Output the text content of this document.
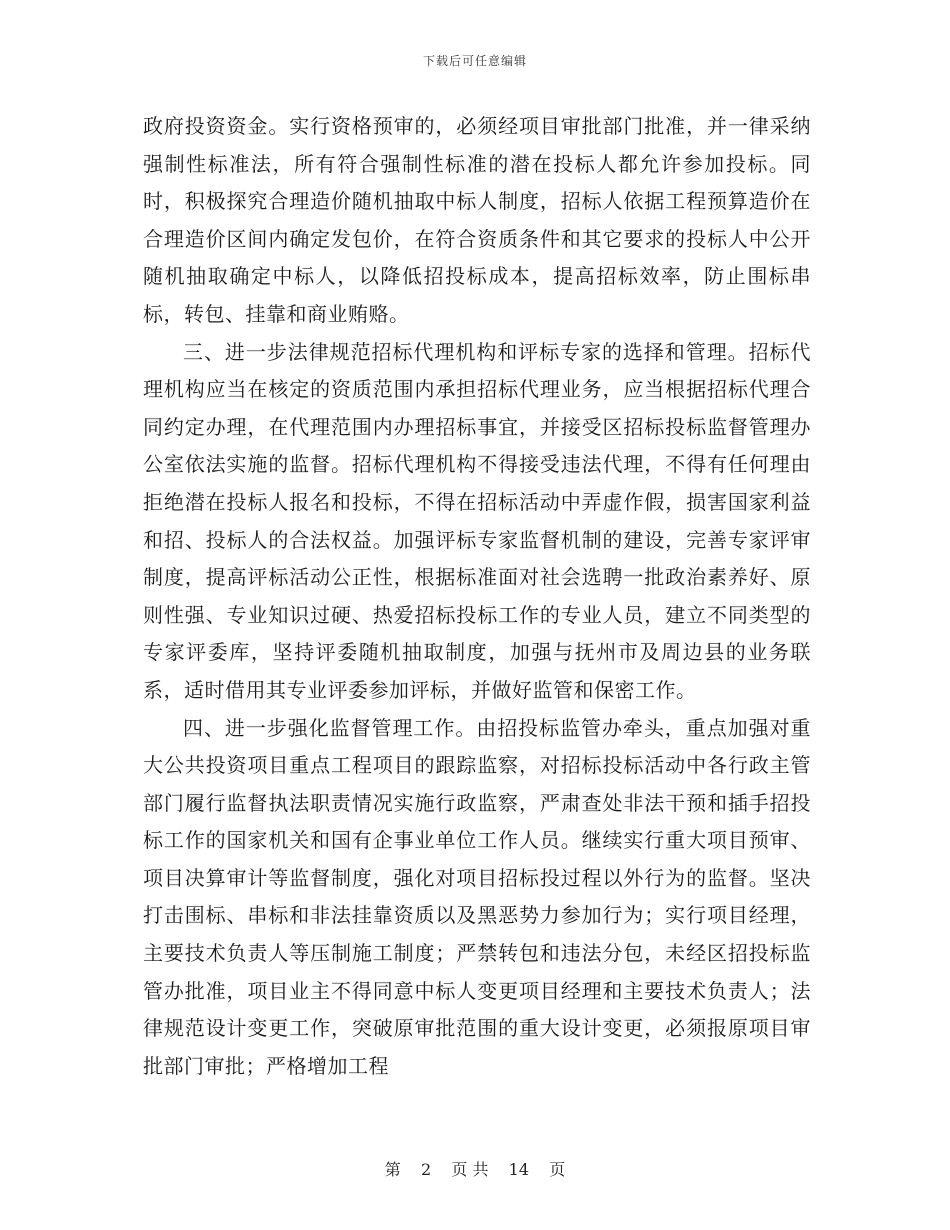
下载后可任意编辑

政府投资资金。实行资格预审的，必须经项目审批部门批准，并一律采纳强制性标准法，所有符合强制性标准的潜在投标人都允许参加投标。同时，积极探究合理造价随机抽取中标人制度，招标人依据工程预算造价在合理造价区间内确定发包价，在符合资质条件和其它要求的投标人中公开随机抽取确定中标人，以降低招投标成本，提高招标效率，防止围标串标，转包、挂靠和商业贿赂。

三、进一步法律规范招标代理机构和评标专家的选择和管理。招标代理机构应当在核定的资质范围内承担招标代理业务，应当根据招标代理合同约定办理，在代理范围内办理招标事宜，并接受区招标投标监督管理办公室依法实施的监督。招标代理机构不得接受违法代理，不得有任何理由拒绝潜在投标人报名和投标，不得在招标活动中弄虚作假，损害国家利益和招、投标人的合法权益。加强评标专家监督机制的建设，完善专家评审制度，提高评标活动公正性，根据标准面对社会选聘一批政治素养好、原则性强、专业知识过硬、热爱招标投标工作的专业人员，建立不同类型的专家评委库，坚持评委随机抽取制度，加强与抚州市及周边县的业务联系，适时借用其专业评委参加评标，并做好监管和保密工作。

四、进一步强化监督管理工作。由招投标监管办牵头，重点加强对重大公共投资项目重点工程项目的跟踪监察，对招标投标活动中各行政主管部门履行监督执法职责情况实施行政监察，严肃查处非法干预和插手招投标工作的国家机关和国有企事业单位工作人员。继续实行重大项目预审、项目决算审计等监督制度，强化对项目招标投过程以外行为的监督。坚决打击围标、串标和非法挂靠资质以及黑恶势力参加行为；实行项目经理，主要技术负责人等压制施工制度；严禁转包和违法分包，未经区招投标监管办批准，项目业主不得同意中标人变更项目经理和主要技术负责人；法律规范设计变更工作，突破原审批范围的重大设计变更，必须报原项目审批部门审批；严格增加工程

第 2 页 共 14 页
